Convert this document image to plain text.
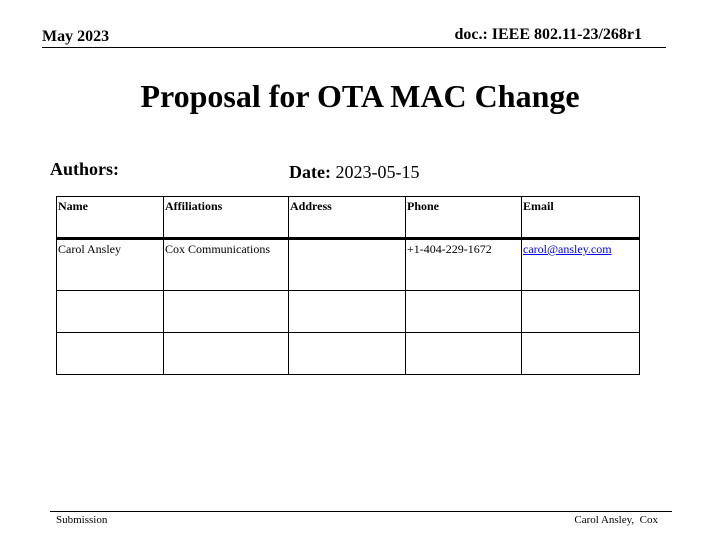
May 2023	doc.: IEEE 802.11-23/268r1
Proposal for OTA MAC Change
Authors:	Date: 2023-05-15
Name	Affiliations	Address	Phone	Email
Carol Ansley	Cox Communications		+1-404-229-1672	carol@ansley.com

Submission	Carol Ansley,  Cox
